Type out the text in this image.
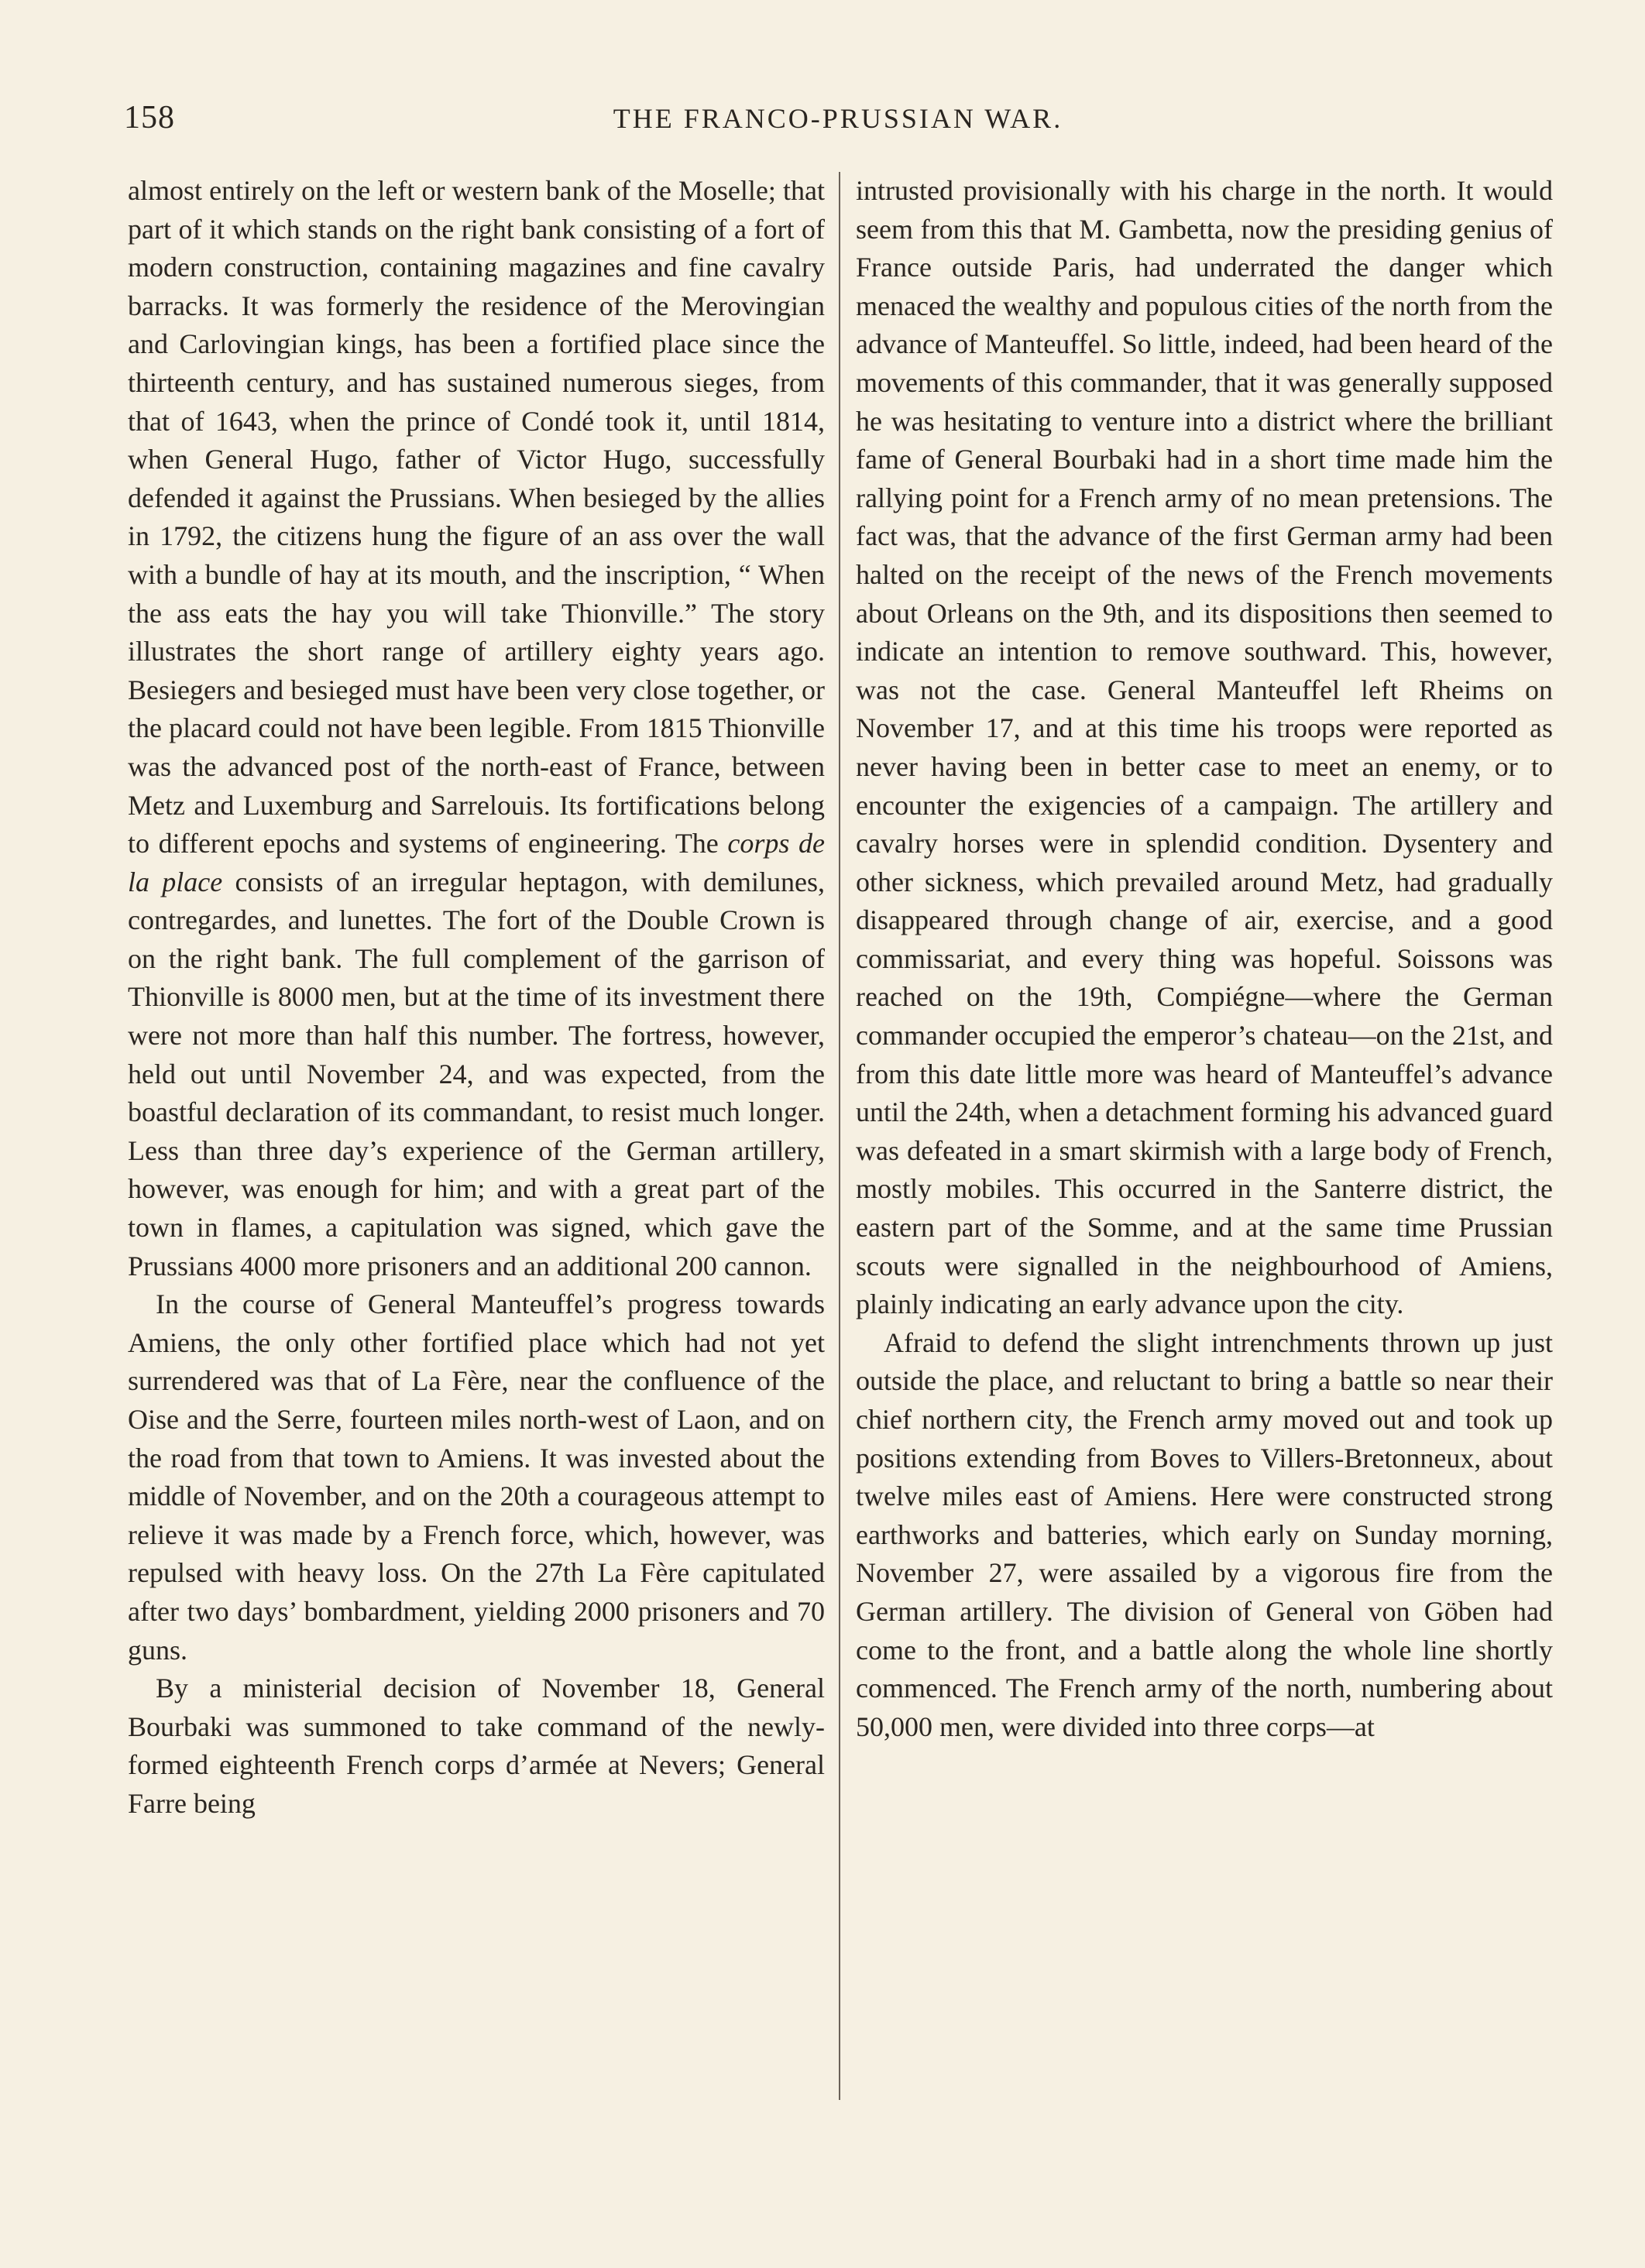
158	THE FRANCO-PRUSSIAN WAR.

almost entirely on the left or western bank of the Moselle; that part of it which stands on the right bank consisting of a fort of modern construction, containing magazines and fine cavalry barracks. It was formerly the residence of the Merovingian and Carlovingian kings, has been a fortified place since the thirteenth century, and has sustained numerous sieges, from that of 1643, when the prince of Condé took it, until 1814, when General Hugo, father of Victor Hugo, successfully defended it against the Prussians. When besieged by the allies in 1792, the citizens hung the figure of an ass over the wall with a bundle of hay at its mouth, and the inscription, “ When the ass eats the hay you will take Thionville.” The story illustrates the short range of artillery eighty years ago. Besiegers and besieged must have been very close together, or the placard could not have been legible. From 1815 Thionville was the advanced post of the north-east of France, between Metz and Luxemburg and Sarrelouis. Its fortifications belong to different epochs and systems of engineering. The corps de la place consists of an irregular heptagon, with demilunes, contregardes, and lunettes. The fort of the Double Crown is on the right bank. The full complement of the garrison of Thionville is 8000 men, but at the time of its investment there were not more than half this number. The fortress, however, held out until November 24, and was expected, from the boastful declaration of its commandant, to resist much longer. Less than three day’s experience of the German artillery, however, was enough for him; and with a great part of the town in flames, a capitulation was signed, which gave the Prussians 4000 more prisoners and an additional 200 cannon.

In the course of General Manteuffel’s progress towards Amiens, the only other fortified place which had not yet surrendered was that of La Fère, near the confluence of the Oise and the Serre, fourteen miles north-west of Laon, and on the road from that town to Amiens. It was invested about the middle of November, and on the 20th a courageous attempt to relieve it was made by a French force, which, however, was repulsed with heavy loss. On the 27th La Fère capitulated after two days’ bombardment, yielding 2000 prisoners and 70 guns.

By a ministerial decision of November 18, General Bourbaki was summoned to take command of the newly-formed eighteenth French corps d’armée at Nevers; General Farre being

intrusted provisionally with his charge in the north. It would seem from this that M. Gambetta, now the presiding genius of France outside Paris, had underrated the danger which menaced the wealthy and populous cities of the north from the advance of Manteuffel. So little, indeed, had been heard of the movements of this commander, that it was generally supposed he was hesitating to venture into a district where the brilliant fame of General Bourbaki had in a short time made him the rallying point for a French army of no mean pretensions. The fact was, that the advance of the first German army had been halted on the receipt of the news of the French movements about Orleans on the 9th, and its dispositions then seemed to indicate an intention to remove southward. This, however, was not the case. General Manteuffel left Rheims on November 17, and at this time his troops were reported as never having been in better case to meet an enemy, or to encounter the exigencies of a campaign. The artillery and cavalry horses were in splendid condition. Dysentery and other sickness, which prevailed around Metz, had gradually disappeared through change of air, exercise, and a good commissariat, and every thing was hopeful. Soissons was reached on the 19th, Compiégne—where the German commander occupied the emperor’s chateau—on the 21st, and from this date little more was heard of Manteuffel’s advance until the 24th, when a detachment forming his advanced guard was defeated in a smart skirmish with a large body of French, mostly mobiles. This occurred in the Santerre district, the eastern part of the Somme, and at the same time Prussian scouts were signalled in the neighbourhood of Amiens, plainly indicating an early advance upon the city.

Afraid to defend the slight intrenchments thrown up just outside the place, and reluctant to bring a battle so near their chief northern city, the French army moved out and took up positions extending from Boves to Villers-Bretonneux, about twelve miles east of Amiens. Here were constructed strong earthworks and batteries, which early on Sunday morning, November 27, were assailed by a vigorous fire from the German artillery. The division of General von Göben had come to the front, and a battle along the whole line shortly commenced. The French army of the north, numbering about 50,000 men, were divided into three corps—at
